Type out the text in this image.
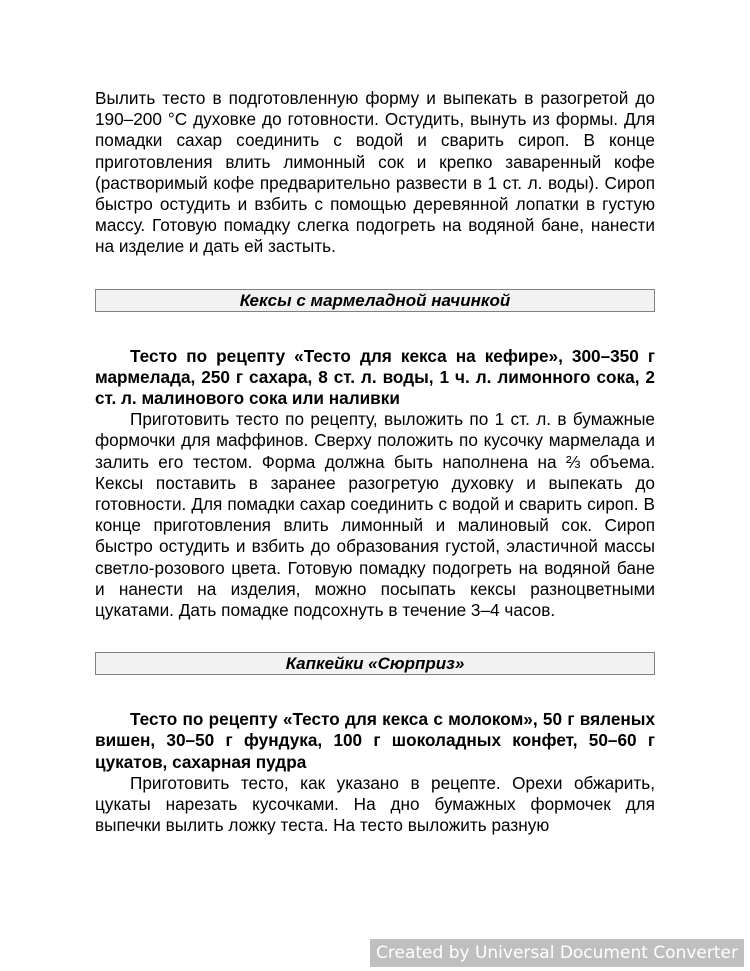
Вылить тесто в подготовленную форму и выпекать в разогретой до 190–200 °C духовке до готовности. Остудить, вынуть из формы. Для помадки сахар соединить с водой и сварить сироп. В конце приготовления влить лимонный сок и крепко заваренный кофе (растворимый кофе предварительно развести в 1 ст. л. воды). Сироп быстро остудить и взбить с помощью деревянной лопатки в густую массу. Готовую помадку слегка подогреть на водяной бане, нанести на изделие и дать ей застыть.

Кексы с мармеладной начинкой

Тесто по рецепту «Тесто для кекса на кефире», 300–350 г мармелада, 250 г сахара, 8 ст. л. воды, 1 ч. л. лимонного сока, 2 ст. л. малинового сока или наливки

Приготовить тесто по рецепту, выложить по 1 ст. л. в бумажные формочки для маффинов. Сверху положить по кусочку мармелада и залить его тестом. Форма должна быть наполнена на ⅔ объема. Кексы поставить в заранее разогретую духовку и выпекать до готовности. Для помадки сахар соединить с водой и сварить сироп. В конце приготовления влить лимонный и малиновый сок. Сироп быстро остудить и взбить до образования густой, эластичной массы светло-розового цвета. Готовую помадку подогреть на водяной бане и нанести на изделия, можно посыпать кексы разноцветными цукатами. Дать помадке подсохнуть в течение 3–4 часов.

Капкейки «Сюрприз»

Тесто по рецепту «Тесто для кекса с молоком», 50 г вяленых вишен, 30–50 г фундука, 100 г шоколадных конфет, 50–60 г цукатов, сахарная пудра

Приготовить тесто, как указано в рецепте. Орехи обжарить, цукаты нарезать кусочками. На дно бумажных формочек для выпечки вылить ложку теста. На тесто выложить разную

Created by Universal Document Converter
